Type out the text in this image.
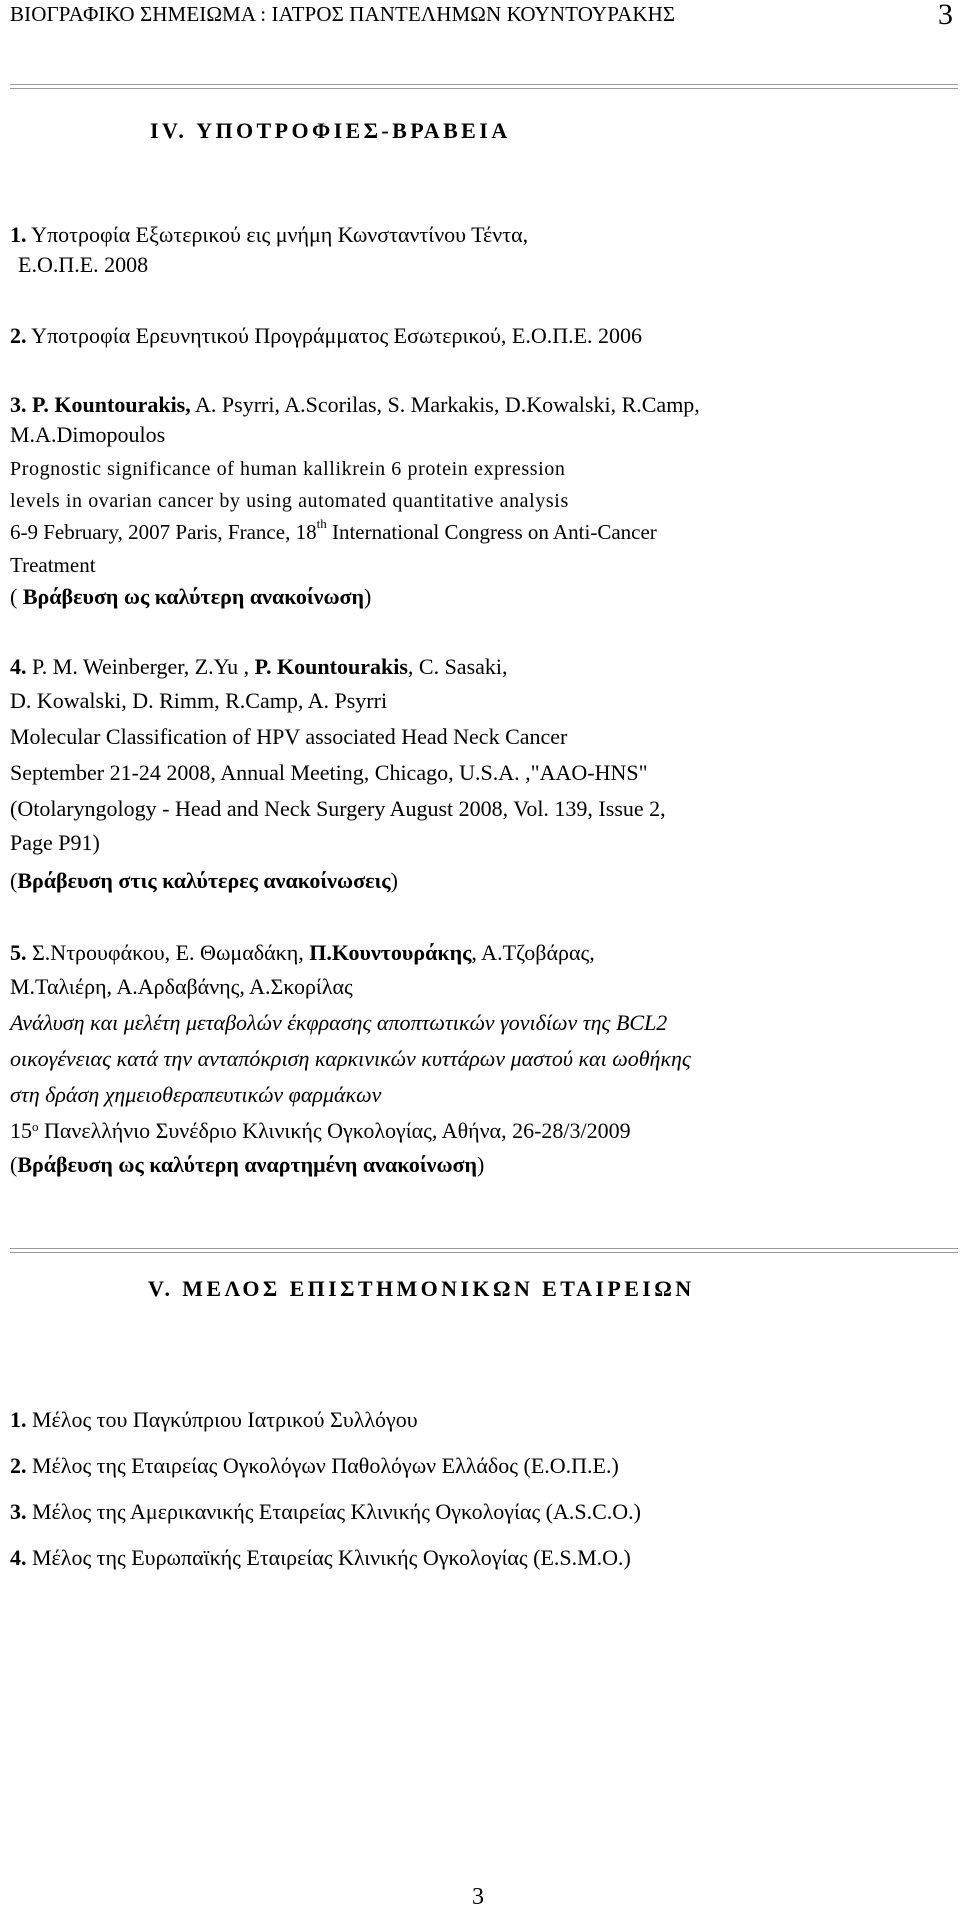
ΒΙΟΓΡΑΦΙΚΟ ΣΗΜΕΙΩΜΑ : ΙΑΤΡΟΣ ΠΑΝΤΕΛΗΜΩΝ ΚΟΥΝΤΟΥΡΑΚΗΣ	3
IV. ΥΠΟΤΡΟΦΙΕΣ-ΒΡΑΒΕΙΑ
1. Υποτροφία Εξωτερικού εις μνήμη Κωνσταντίνου Τέντα,
Ε.Ο.Π.Ε. 2008
2. Υποτροφία Ερευνητικού Προγράμματος Εσωτερικού, Ε.Ο.Π.Ε. 2006
3. P. Kountourakis, A. Psyrri, A.Scorilas, S. Markakis, D.Kowalski, R.Camp,
M.A.Dimopoulos
Prognostic significance of human kallikrein 6 protein expression
levels in ovarian cancer by using automated quantitative analysis
6-9 February, 2007 Paris, France, 18th International Congress on Anti-Cancer
Treatment
( Βράβευση ως καλύτερη ανακοίνωση)
4. P. M. Weinberger, Z.Yu , P. Kountourakis, C. Sasaki,
D. Kowalski, D. Rimm, R.Camp, A. Psyrri
Molecular Classification of HPV associated Head Neck Cancer
September 21-24 2008, Annual Meeting, Chicago, U.S.A. ,"AAO-HNS"
(Otolaryngology - Head and Neck Surgery August 2008, Vol. 139, Issue 2,
Page P91)
(Βράβευση στις καλύτερες ανακοίνωσεις)
5. Σ.Ντρουφάκου, Ε. Θωμαδάκη, Π.Κουντουράκης, Α.Τζοβάρας,
Μ.Ταλιέρη, Α.Αρδαβάνης, Α.Σκορίλας
Ανάλυση και μελέτη μεταβολών έκφρασης αποπτωτικών γονιδίων της BCL2
οικογένειας κατά την ανταπόκριση καρκινικών κυττάρων μαστού και ωοθήκης
στη δράση χημειοθεραπευτικών φαρμάκων
$15^o$ Πανελλήνιο Συνέδριο Κλινικής Ογκολογίας, Αθήνα, 26-28/3/2009
(Βράβευση ως καλύτερη αναρτημένη ανακοίνωση)
V. ΜΕΛΟΣ ΕΠΙΣΤΗΜΟΝΙΚΩΝ ΕΤΑΙΡΕΙΩΝ
1. Μέλος του Παγκύπριου Ιατρικού Συλλόγου
2. Μέλος της Εταιρείας Ογκολόγων Παθολόγων Ελλάδος (Ε.Ο.Π.Ε.)
3. Μέλος της Αμερικανικής Εταιρείας Κλινικής Ογκολογίας (A.S.C.O.)
4. Μέλος της Ευρωπαϊκής Εταιρείας Κλινικής Ογκολογίας (E.S.M.O.)
3
